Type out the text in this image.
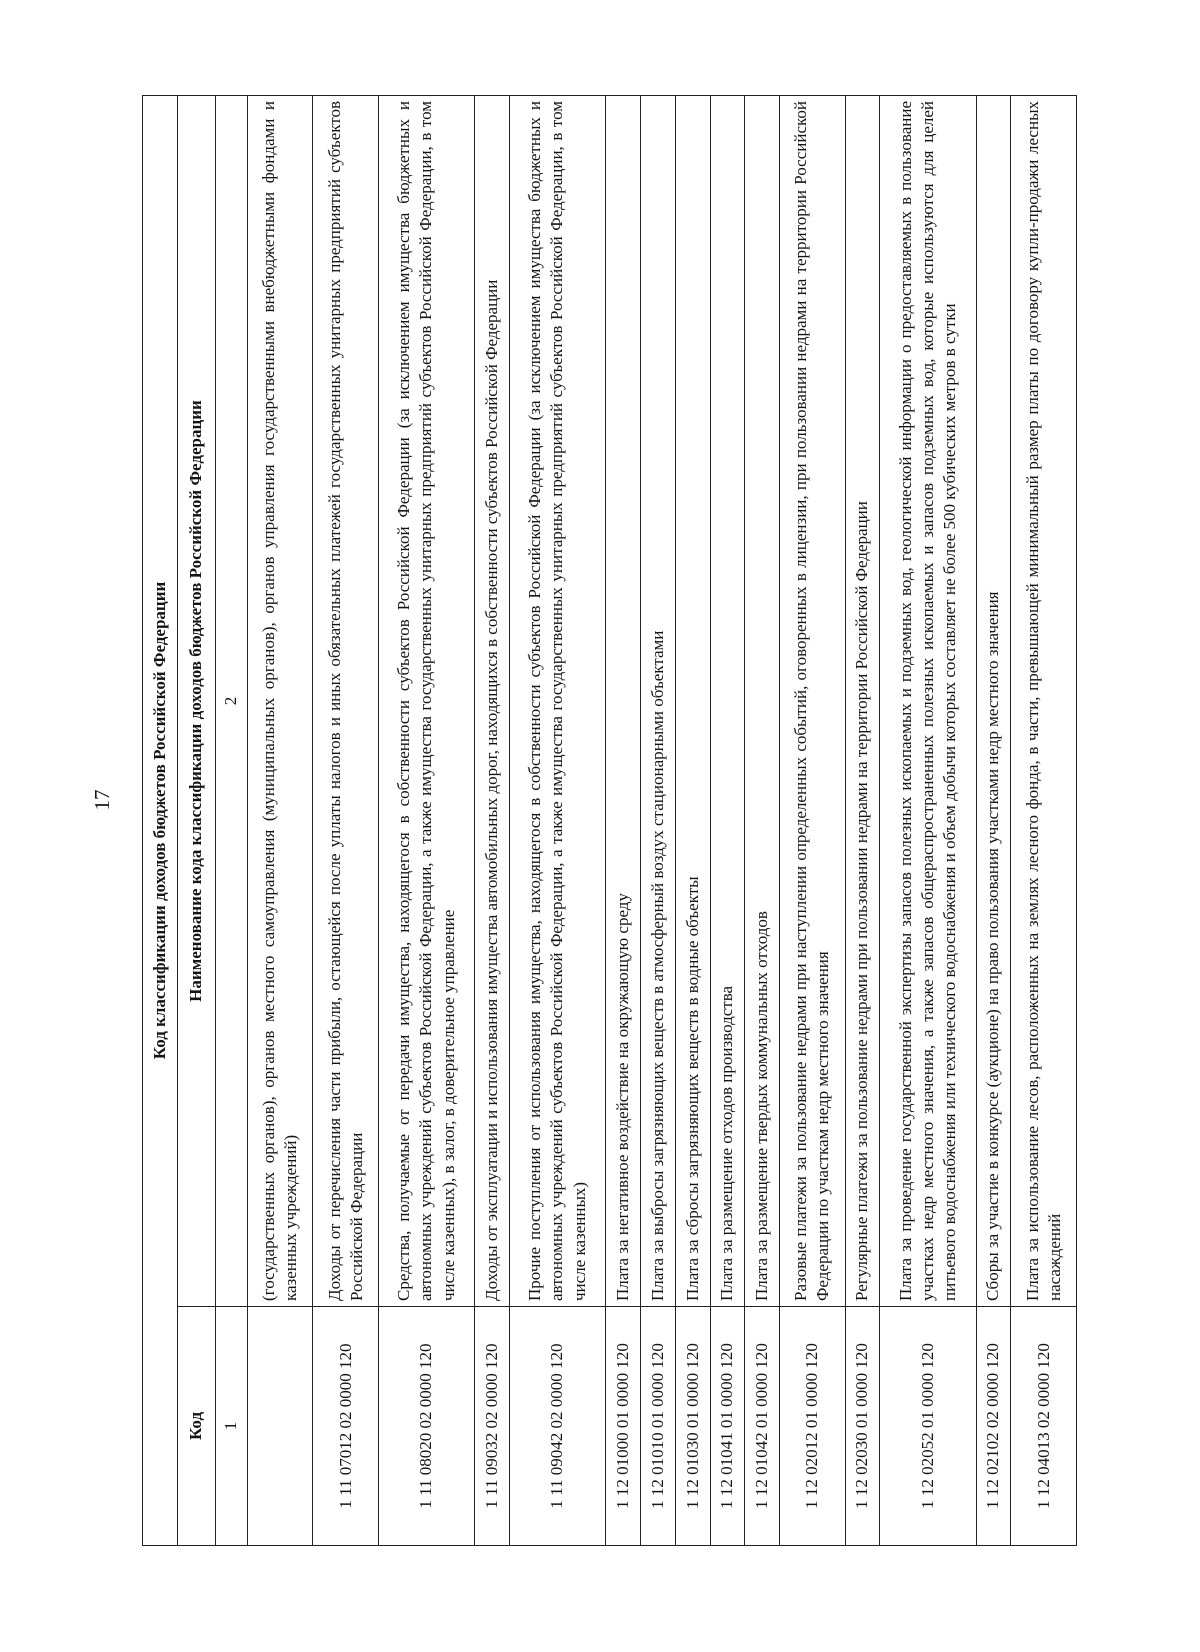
17	Код классификации доходов бюджетов Российской Федерации	
Код	Наименование кода классификации доходов бюджетов Российской Федерации
1	2
	(государственных органов), органов местного самоуправления (муниципальных органов), органов управления государственными внебюджетными фондами и казенных учреждений)
1 11 07012 02 0000 120	Доходы от перечисления части прибыли, остающейся после уплаты налогов и иных обязательных платежей государственных унитарных предприятий субъектов Российской Федерации
1 11 08020 02 0000 120	Средства, получаемые от передачи имущества, находящегося в собственности субъектов Российской Федерации (за исключением имущества бюджетных и автономных учреждений субъектов Российской Федерации, а также имущества государственных унитарных предприятий субъектов Российской Федерации, в том числе казенных), в залог, в доверительное управление
1 11 09032 02 0000 120	Доходы от эксплуатации и использования имущества автомобильных дорог, находящихся в собственности субъектов Российской Федерации
1 11 09042 02 0000 120	Прочие поступления от использования имущества, находящегося в собственности субъектов Российской Федерации (за исключением имущества бюджетных и автономных учреждений субъектов Российской Федерации, а также имущества государственных унитарных предприятий субъектов Российской Федерации, в том числе казенных)
1 12 01000 01 0000 120	Плата за негативное воздействие на окружающую среду
1 12 01010 01 0000 120	Плата за выбросы загрязняющих веществ в атмосферный воздух стационарными объектами
1 12 01030 01 0000 120	Плата за сбросы загрязняющих веществ в водные объекты
1 12 01041 01 0000 120	Плата за размещение отходов производства
1 12 01042 01 0000 120	Плата за размещение твердых коммунальных отходов
1 12 02012 01 0000 120	Разовые платежи за пользование недрами при наступлении определенных событий, оговоренных в лицензии, при пользовании недрами на территории Российской Федерации по участкам недр местного значения
1 12 02030 01 0000 120	Регулярные платежи за пользование недрами при пользовании недрами на территории Российской Федерации
1 12 02052 01 0000 120	Плата за проведение государственной экспертизы запасов полезных ископаемых и подземных вод, геологической информации о предоставляемых в пользование участках недр местного значения, а также запасов общераспространенных полезных ископаемых и запасов подземных вод, которые используются для целей питьевого водоснабжения или технического водоснабжения и объем добычи которых составляет не более 500 кубических метров в сутки
1 12 02102 02 0000 120	Сборы за участие в конкурсе (аукционе) на право пользования участками недр местного значения
1 12 04013 02 0000 120	Плата за использование лесов, расположенных на землях лесного фонда, в части, превышающей минимальный размер платы по договору купли-продажи лесных насаждений
